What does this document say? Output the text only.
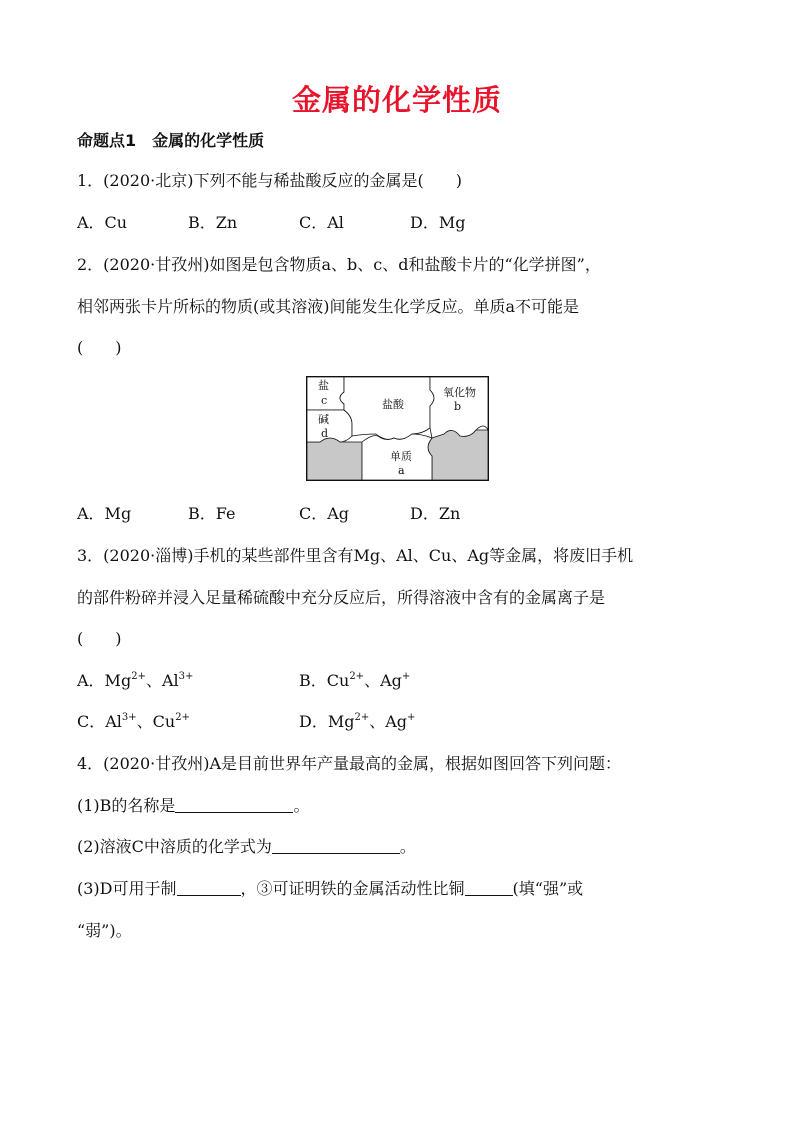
金属的化学性质
命题点1　金属的化学性质
1．(2020·北京)下列不能与稀盐酸反应的金属是(　　)
A．Cu	B．Zn	C．Al	D．Mg
2．(2020·甘孜州)如图是包含物质a、b、c、d和盐酸卡片的“化学拼图”，
相邻两张卡片所标的物质(或其溶液)间能发生化学反应。单质a不可能是
(　　)
盐
c	盐酸
氧化物
b
碱
d
单质
a
A．Mg	B．Fe	C．Ag	D．Zn
3．(2020·淄博)手机的某些部件里含有Mg、Al、Cu、Ag等金属，将废旧手机
的部件粉碎并浸入足量稀硫酸中充分反应后，所得溶液中含有的金属离子是
(　　)
A．$Mg^{2+}$、$Al^{3+}$	B．$Cu^{2+}$、Ag+
C．$Al^{3+}$、$Cu^{2+}$	D．$Mg^{2+}$、Ag+
4．(2020·甘孜州)A是目前世界年产量最高的金属，根据如图回答下列问题：
(1)B的名称是	。
(2)溶液C中溶质的化学式为	。
(3)D可用于制	，③可证明铁的金属活动性比铜	(填“强”或
“弱”)。
